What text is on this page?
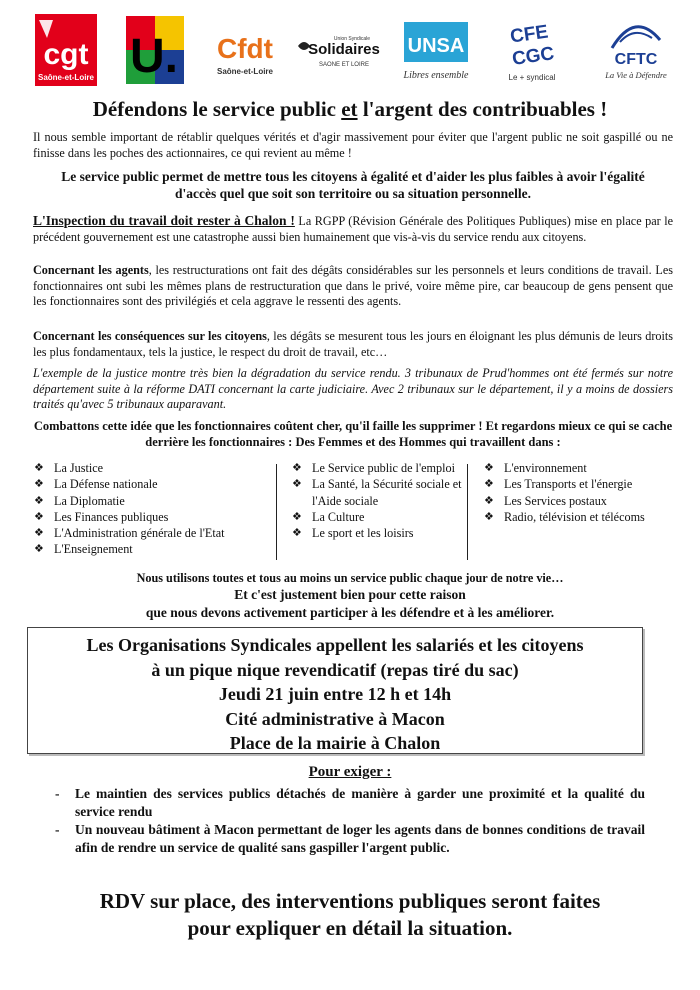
cgt
Saône-et-Loire U. Cfdt
Saône-et-Loire
Union Syndicale
Solidaires
SAONE ET LOIRE
UNSA
Libres ensemble
CFE
CGC
Le + syndical
CFTC
La Vie à Défendre
Défendons le service public et l'argent des contribuables !
Il nous semble important de rétablir quelques vérités et d'agir massivement pour éviter que l'argent public ne soit gaspillé ou ne finisse dans les poches des actionnaires, ce qui revient au même !
Le service public permet de mettre tous les citoyens à égalité et d'aider les plus faibles à avoir l'égalité d'accès quel que soit son territoire ou sa situation personnelle.
L'Inspection du travail doit rester à Chalon ! La RGPP (Révision Générale des Politiques Publiques) mise en place par le précédent gouvernement est une catastrophe aussi bien humainement que vis-à-vis du service rendu aux citoyens.
Concernant les agents, les restructurations ont fait des dégâts considérables sur les personnels et leurs conditions de travail. Les fonctionnaires ont subi les mêmes plans de restructuration que dans le privé, voire même pire, car beaucoup de gens pensent que les fonctionnaires sont des privilégiés et cela aggrave le ressenti des agents.
Concernant les conséquences sur les citoyens, les dégâts se mesurent tous les jours en éloignant les plus démunis de leurs droits les plus fondamentaux, tels la justice, le respect du droit de travail, etc…
L'exemple de la justice montre très bien la dégradation du service rendu. 3 tribunaux de Prud'hommes ont été fermés sur notre département suite à la réforme DATI concernant la carte judiciaire. Avec 2 tribunaux sur le département, il y a moins de dossiers traités qu'avec 5 tribunaux auparavant.
Combattons cette idée que les fonctionnaires coûtent cher, qu'il faille les supprimer ! Et regardons mieux ce qui se cache derrière les fonctionnaires : Des Femmes et des Hommes qui travaillent dans :
❖ La Justice
❖ La Défense nationale
❖ La Diplomatie
❖ Les Finances publiques
❖ L'Administration générale de l'Etat
❖ L'Enseignement
❖ Le Service public de l'emploi
❖ La Santé, la Sécurité sociale et l'Aide sociale
❖ La Culture
❖ Le sport et les loisirs
❖ L'environnement
❖ Les Transports et l'énergie
❖ Les Services postaux
❖ Radio, télévision et télécoms
Nous utilisons toutes et tous au moins un service public chaque jour de notre vie…
Et c'est justement bien pour cette raison
que nous devons activement participer à les défendre et à les améliorer.
Les Organisations Syndicales appellent les salariés et les citoyens
à un pique nique revendicatif (repas tiré du sac)
Jeudi 21 juin entre 12 h et 14h
Cité administrative à Macon
Place de la mairie à Chalon
Pour exiger :
- Le maintien des services publics détachés de manière à garder une proximité et la qualité du service rendu
- Un nouveau bâtiment à Macon permettant de loger les agents dans de bonnes conditions de travail afin de rendre un service de qualité sans gaspiller l'argent public.
RDV sur place, des interventions publiques seront faites
pour expliquer en détail la situation.
